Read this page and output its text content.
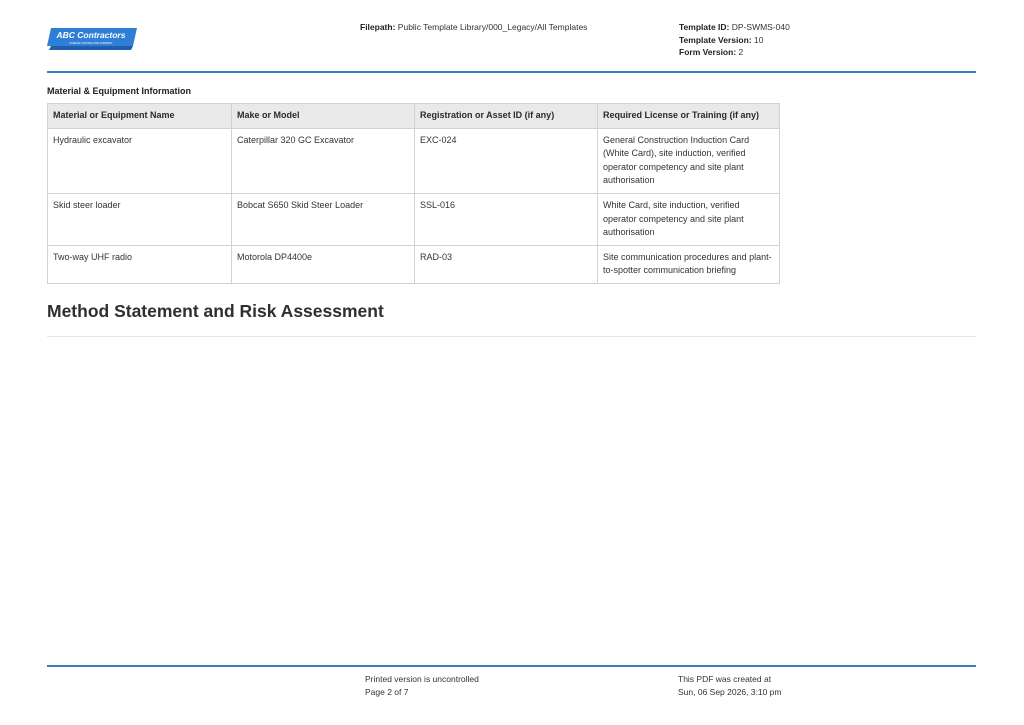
ABC Contractors
SAMPLE CONTRACTOR COMPANY
Filepath: Public Template Library/000_Legacy/All Templates	Template ID: DP-SWMS-040
Template Version: 10
Form Version: 2
Material & Equipment Information
Material or Equipment Name	Make or Model	Registration or Asset ID (if any)	Required License or Training (if any)
Hydraulic excavator	Caterpillar 320 GC Excavator	EXC-024	General Construction Induction Card (White Card), site induction, verified operator competency and site plant authorisation
Skid steer loader	Bobcat S650 Skid Steer Loader	SSL-016	White Card, site induction, verified operator competency and site plant authorisation
Two-way UHF radio	Motorola DP4400e	RAD-03	Site communication procedures and plant-to-spotter communication briefing
Method Statement and Risk Assessment
Printed version is uncontrolled
Page 2 of 7
This PDF was created at
Sun, 06 Sep 2026, 3:10 pm
